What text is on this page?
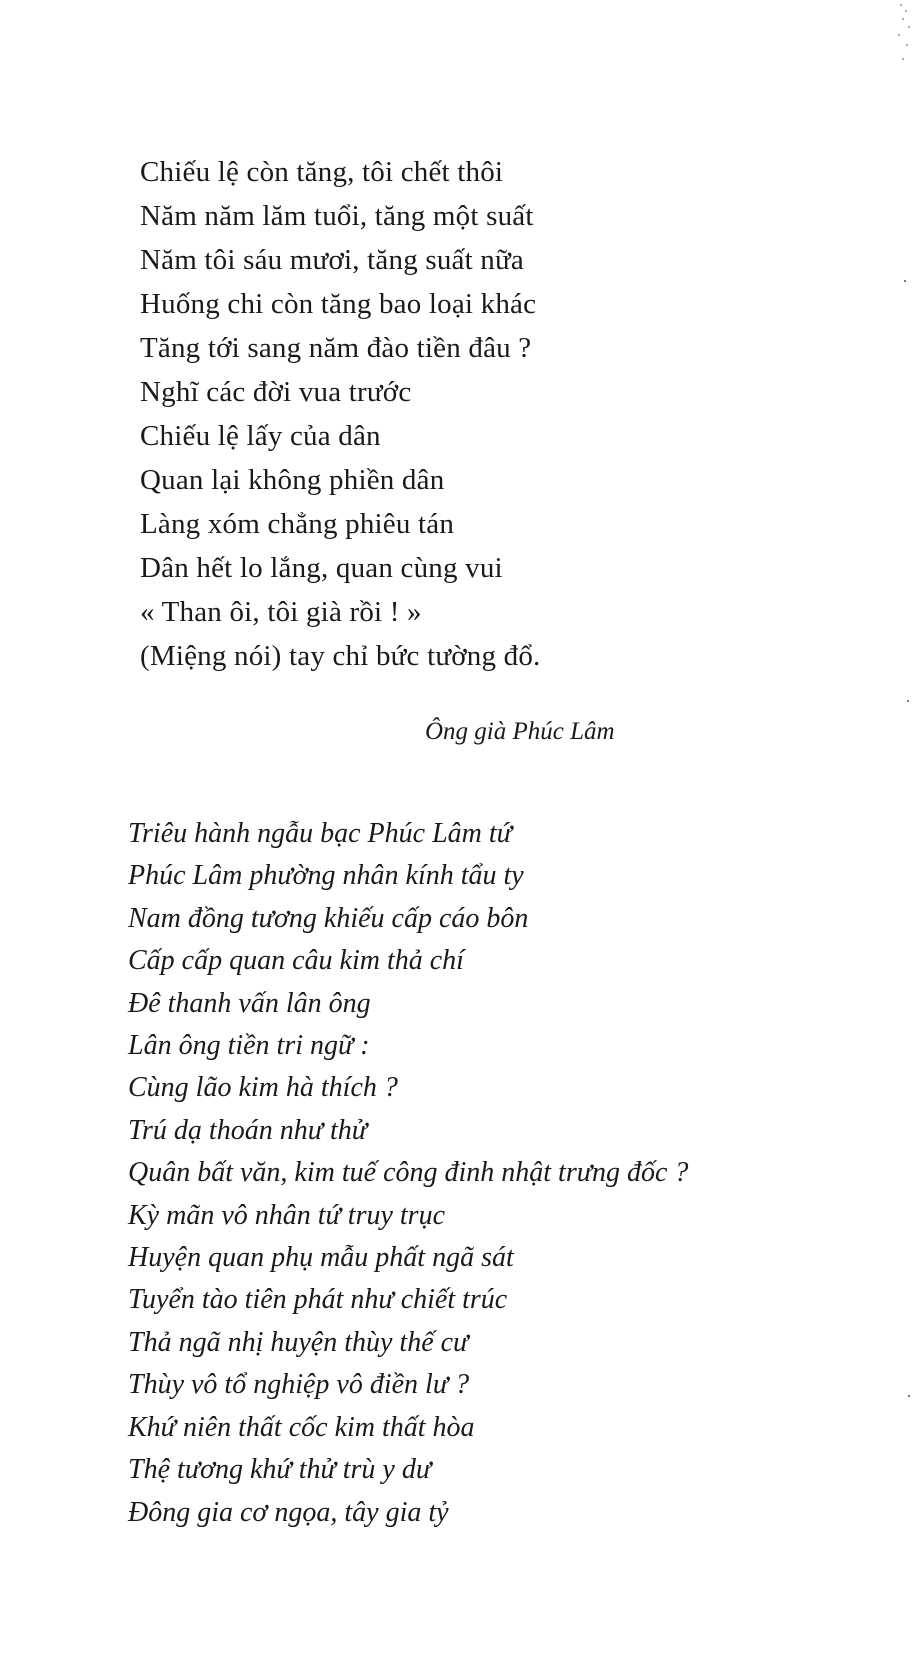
Chiếu lệ còn tăng, tôi chết thôi
Năm năm lăm tuổi, tăng một suất
Năm tôi sáu mươi, tăng suất nữa
Huống chi còn tăng bao loại khác
Tăng tới sang năm đào tiền đâu ?
Nghĩ các đời vua trước
Chiếu lệ lấy của dân
Quan lại không phiền dân
Làng xóm chẳng phiêu tán
Dân hết lo lắng, quan cùng vui
« Than ôi, tôi già rồi ! »
(Miệng nói) tay chỉ bức tường đổ.
Ông già Phúc Lâm
Triêu hành ngẫu bạc Phúc Lâm tứ
Phúc Lâm phường nhân kính tẩu ty
Nam đồng tương khiếu cấp cáo bôn
Cấp cấp quan câu kim thả chí
Đê thanh vấn lân ông
Lân ông tiền tri ngữ :
Cùng lão kim hà thích ?
Trú dạ thoán như thử
Quân bất văn, kim tuế công đinh nhật trưng đốc ?
Kỳ mãn vô nhân tứ truy trục
Huyện quan phụ mẫu phất ngã sát
Tuyển tào tiên phát như chiết trúc
Thả ngã nhị huyện thùy thế cư
Thùy vô tổ nghiệp vô điền lư ?
Khứ niên thất cốc kim thất hòa
Thệ tương khứ thử trù y dư
Đông gia cơ ngọa, tây gia tỷ
